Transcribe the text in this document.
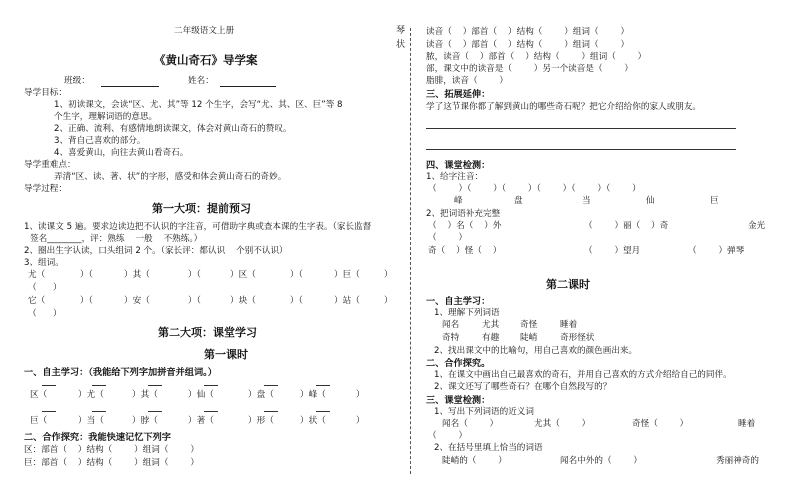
二年级语文上册
《黄山奇石》导学案
班级：	姓名：
导学目标：
1、初读课文，会读“区、尤、其”等 12 个生字，会写“尤、其、区、巨”等 8
个生字，理解词语的意思。
2、正确、流利、有感情地朗读课文，体会对黄山奇石的赞叹。
3、背自己喜欢的部分。
4、喜爱黄山，向往去黄山看奇石。
导学重难点：
弄清“区、读、著、状”的字形，感受和体会黄山奇石的奇妙。
导学过程：
第一大项：提前预习
1、读课文 5 遍。要求边读边把不认识的字注音，可借助字典或查本课的生字表。（家长监督
签名________，评：熟练    一般    不熟练。）
2、圈出生字认读，口头组词 2 个。（家长评：都认识    个别不认识）
3、组词。
尤（	）（	）其（	）（	）区（	）（	）巨（	）
（      ）
它（	）（	）安（	）（	）块（	）（	）站（	）
（      ）
第二大项：课堂学习
第一课时
一、自主学习：（我能给下列字加拼音并组词。）
区（	）尤（	）其（	）仙（	）盘（	）峰（	）
巨（	）当（	）脖（	）著（	）形（	）状（	）
二、合作探究：我能快速记忆下列字
区：部首（    ）结构（        ）组词（        ）
巨：部首（    ）结构（        ）组词（        ）
琴
状
读音（    ）部首（    ）结构（        ）组词（        ）
读音（    ）部首（    ）结构（        ）组词（        ）
脓，读音（    ）部首（    ）结构（        ）组词（        ）
部，课文中的读音是（        ）另一个读音是（        ）
脂腓，读音（        ）
三、拓展延伸：
学了这节课你都了解到黄山的哪些奇石呢？把它介绍给你的家人或朋友。
四、课堂检测：
1、给字注音：
（        ）（        ）（        ）（        ）（        ）（        ）
峰	盘	当	仙	巨
2、把词语补充完整
（    ）名（    ）外	（        ）丽（    ）奇	金光
（        ）
奇（    ）怪（    ）	（        ）望月	（        ）弹琴
第二课时
一、自主学习：
1、理解下列词语
闻名	尤其 奇怪	睡着
奇特	有趣 陡峭	奇形怪状
2、找出课文中的比喻句，用自己喜欢的颜色画出来。
二、合作探究。
1、在课文中画出自己最喜欢的奇石，并用自己喜欢的方式介绍给自己的同伴。
2、课文还写了哪些奇石？在哪个自然段写的？
三、课堂检测：
1、写出下列词语的近义词
闻名（        ）	尤其（        ）	奇怪（        ）	睡着
（        ）
2、在括号里填上恰当的词语
陡峭的（        ）	闻名中外的（        ）	秀丽神奇的
